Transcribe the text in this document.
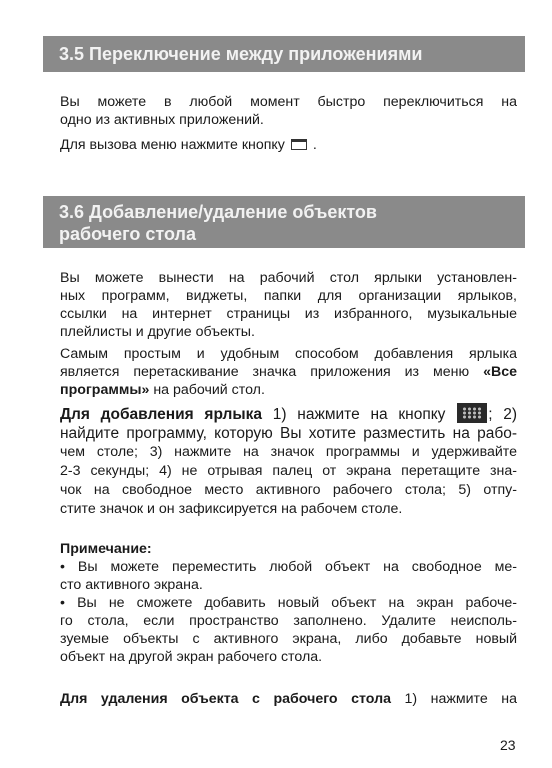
3.5 Переключение между приложениями
Вы можете в любой момент быстро переключиться на
одно из активных приложений.
Для вызова меню нажмите кнопку .
3.6 Добавление/удаление объектов
рабочего стола
Вы можете вынести на рабочий стол ярлыки установлен-
ных программ, виджеты, папки для организации ярлыков,
ссылки на интернет страницы из избранного, музыкальные
плейлисты и другие объекты.
Самым простым и удобным способом добавления ярлыка
является перетаскивание значка приложения из меню «Все
программы» на рабочий стол.
Для добавления ярлыка 1) нажмите на кнопку	; 2)
найдите программу, которую Вы хотите разместить на рабо-
чем столе; 3) нажмите на значок программы и удерживайте
2-3 секунды; 4) не отрывая палец от экрана перетащите зна-
чок на свободное место активного рабочего стола; 5) отпу-
стите значок и он зафиксируется на рабочем столе.
Примечание:
• Вы можете переместить любой объект на свободное ме-
сто активного экрана.
• Вы не сможете добавить новый объект на экран рабоче-
го стола, если пространство заполнено. Удалите неисполь-
зуемые объекты с активного экрана, либо добавьте новый
объект на другой экран рабочего стола.
Для удаления объекта с рабочего стола 1) нажмите на
23
